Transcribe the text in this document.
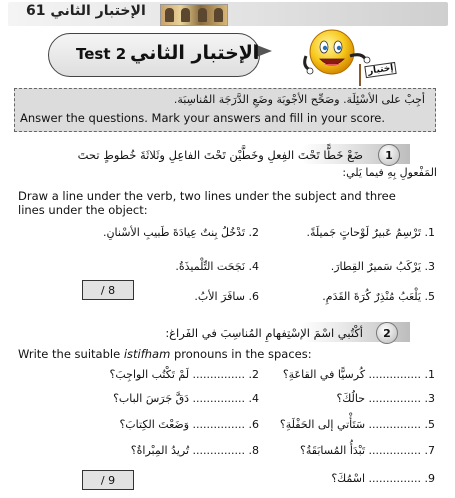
الإختبار الثاني 61
الإختبار الثاني
Test 2
إختبار
أجِبْ على الأسْئِلَة. وصَحِّح الأجْوبَة وضَعِ الدَّرَجَة المُناسِبَة.
Answer the questions. Mark your answers and fill in your score.
1
ضَعْ خَطًّا تَحْتَ الفِعلِ وخَطَّيْن تَحْتَ الفاعِلِ وثَلاثَةَ خُطوطٍ تحتَ
المَفْعولِ بِهِ فيما يَلي:
Draw a line under the verb, two lines under the subject and three
lines under the object:
1. تَرْسِمُ عَبيرٌ لَوْحاتٍ جَميلَةً.
2. تَدْخُلُ بِنتٌ عِيادَةَ طَبيبِ الأسْنانِ.
3. يَرْكَبُ سَميرٌ القِطارَ.
4. نَجَحَت التِّلْميذَةُ.
5. يَلْعَبُ مُنْذِرٌ كُرَةَ القَدَمِ.
6. سافَرَ الأبُ.
/ 8
2
أكْتُبي اسْمَ الإسْتِفهامِ المُناسِبَ في الفَراغ:
Write the suitable istifham pronouns in the spaces:
1. ............... كُرسيًّا في القاعَةِ؟
2. ............... لَمْ تَكْتُب الواجِبَ؟
3. ............... حالُكَ؟
4. ............... دَقَّ جَرَسَ الباب؟
5. ............... سَتَأْتي إلى الحَفْلَةِ؟
6. ............... وَضَعْتَ الكِتابَ؟
7. ............... تَبْدَأُ المُسابَقَةُ؟
8. ............... تُريدُ المِبْراةُ؟
9. ............... اسْمُكَ؟
/ 9
